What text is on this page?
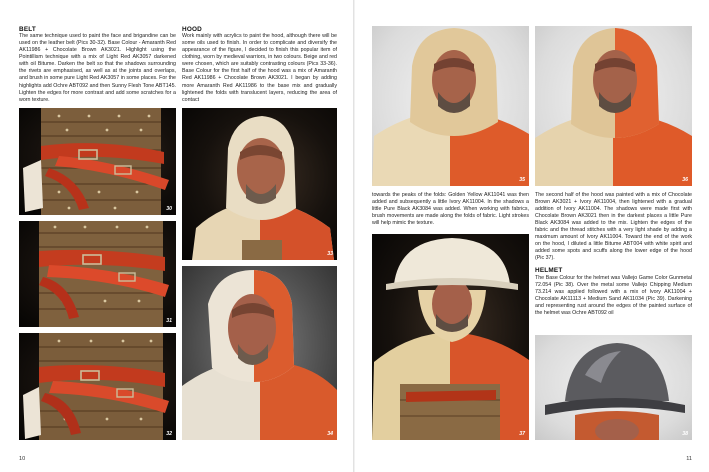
BELT

The same technique used to paint the face and brigandine can be used on the leather belt (Pics 30-32). Base Colour - Amaranth Red AK11986 + Chocolate Brown AK3021. Highlight using the Pointillism technique with a mix of Light Red AK3057 darkened with oil Bitume. Darken the belt so that the shadows surrounding the rivets are emphasised, as well as at the joints and overlaps, and brush in some pure Light Red AK3057 in some places. For the highlights add Ochre ABT092 and then Sunny Flesh Tone ABT145. Lighten the edges for more contrast and add some scratches for a worn texture.

HOOD

Work mainly with acrylics to paint the hood, although there will be some oils used to finish. In order to complicate and diversify the appearance of the figure, I decided to finish this popular item of clothing, worn by medieval warriors, in two colours. Beige and red were chosen, which are suitably contrasting colours (Pics 33-36). Base Colour for the first half of the hood was a mix of Amaranth Red AK11986 + Chocolate Brown AK3021. I began by adding more Amaranth Red AK11986 to the base mix and gradually lightened the folds with translucent layers, reducing the area of contact

30
31
32
33
34
10
35	36

towards the peaks of the folds: Golden Yellow AK11041 was then added and subsequently a little Ivory AK11004. In the shadows a little Pure Black AK3084 was added. When working with fabrics, brush movements are made along the folds of fabric. Light strokes will help mimic the texture.

The second half of the hood was painted with a mix of Chocolate Brown AK3021 + Ivory AK11004, then lightened with a gradual addition of Ivory AK11004. The shadows were made first with Chocolate Brown AK3021 then in the darkest places a little Pure Black AK3084 was added to the mix. Lighten the edges of the fabric and the thread stitches with a very light shade by adding a maximum amount of Ivory AK11004. Toward the end of the work on the hood, I diluted a little Bitume ABT004 with white spirit and added some spots and scuffs along the lower edge of the hood (Pic 37).

HELMET

The Base Colour for the helmet was Vallejo Game Color Gunmetal 72.054 (Pic 38). Over the metal some Vallejo Chipping Medium 73.214 was applied followed with a mix of Ivory AK11004 + Chocolate AK11113 + Medium Sand AK11034 (Pic 39). Darkening and representing rust around the edges of the painted surface of the helmet was Ochre ABT092 oil

37	38
11
